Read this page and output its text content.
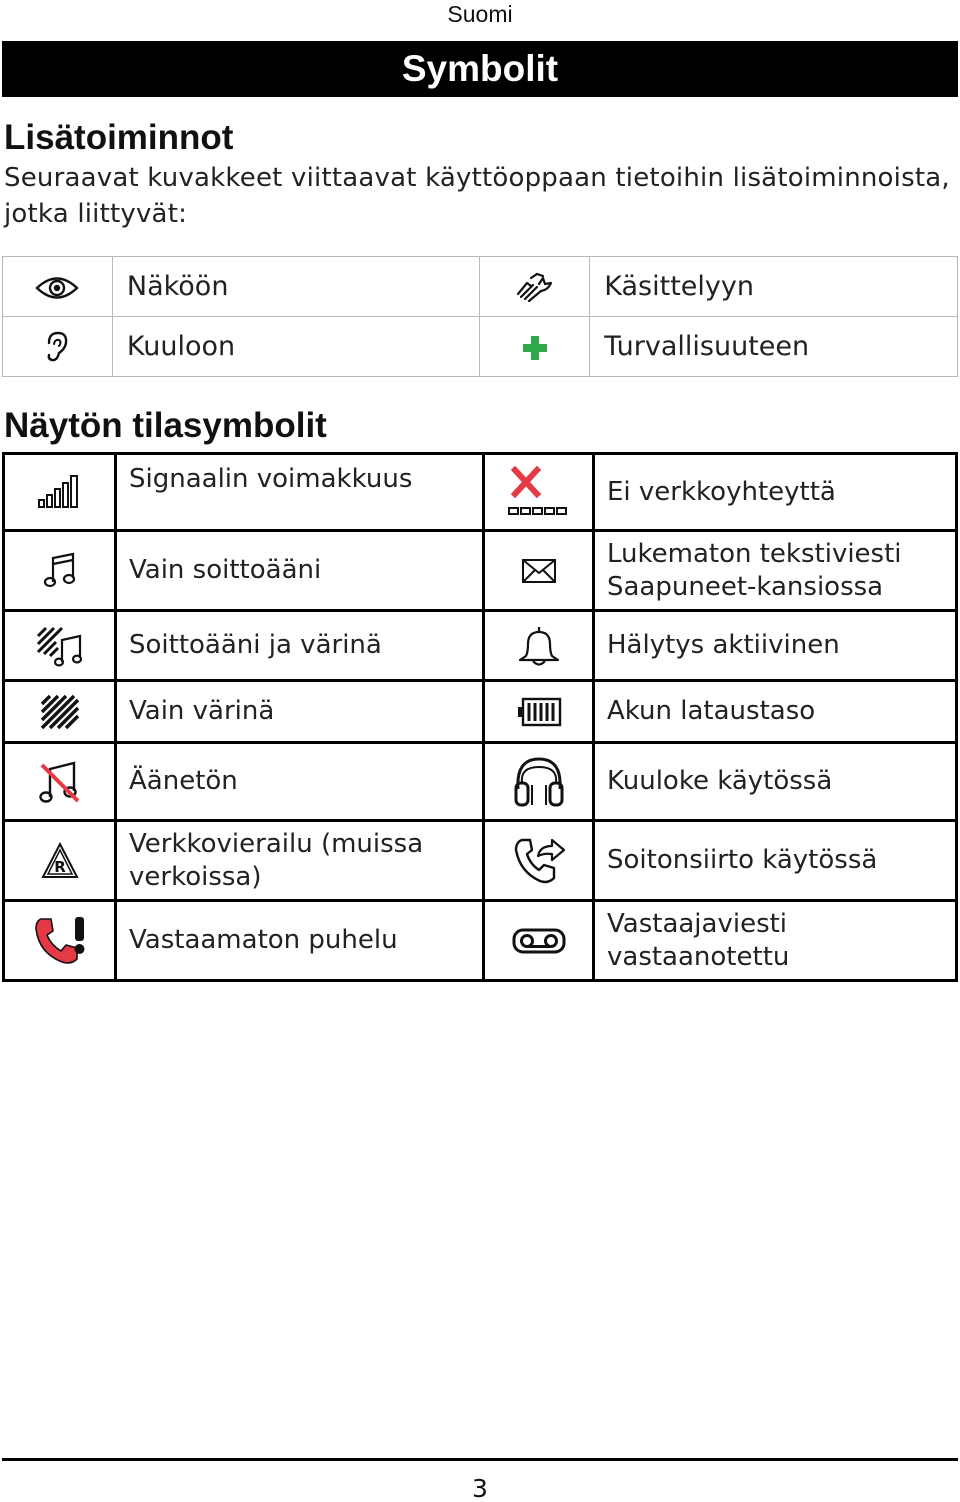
Suomi
Symbolit
Lisätoiminnot
Seuraavat kuvakkeet viittaavat käyttöoppaan tietoihin lisätoiminnoista, jotka liittyvät:
	Näköön		Käsittelyyn
	Kuuloon		Turvallisuuteen
Näytön tilasymbolit
	Signaalin voimakkuus		Ei verkkoyhteyttä
	Vain soittoääni		Lukematon tekstiviesti Saapuneet-kansiossa
	Soittoääni ja värinä		Hälytys aktiivinen
	Vain värinä		Akun lataustaso
	Äänetön		Kuuloke käytössä

R	Verkkovierailu (muissa verkoissa)		Soitonsiirto käytössä
	Vastaamaton puhelu		Vastaajaviesti vastaanotettu
3
